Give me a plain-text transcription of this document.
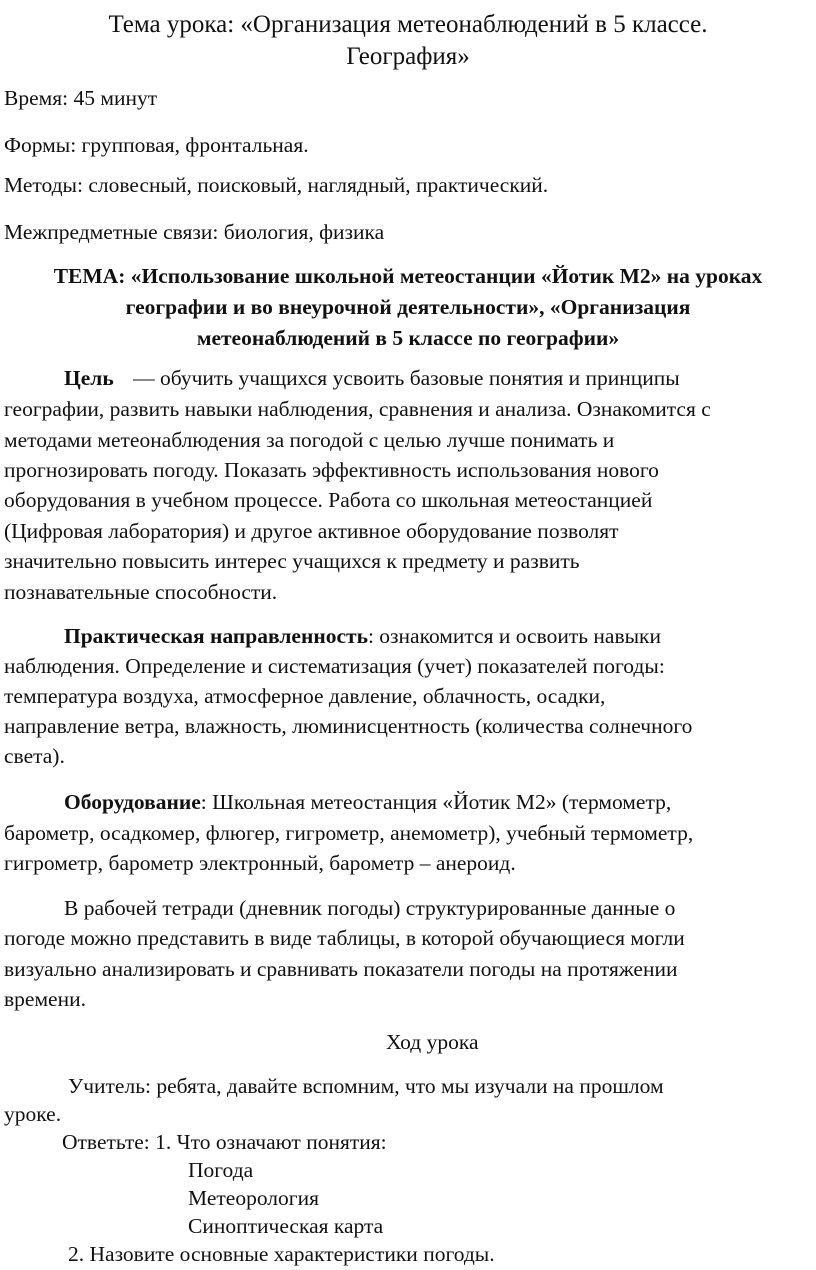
Тема урока: «Организация метеонаблюдений в 5 классе.
География»
Время: 45 минут
Формы: групповая, фронтальная.
Методы: словесный, поисковый, наглядный, практический.
Межпредметные связи: биология, физика
ТЕМА: «Использование школьной метеостанции «Йотик М2» на уроках
географии и во внеурочной деятельности», «Организация
метеонаблюдений в 5 классе по географии»
Цель — обучить учащихся усвоить базовые понятия и принципы
географии, развить навыки наблюдения, сравнения и анализа. Ознакомится с
методами метеонаблюдения за погодой с целью лучше понимать и
прогнозировать погоду. Показать эффективность использования нового
оборудования в учебном процессе. Работа со школьная метеостанцией
(Цифровая лаборатория) и другое активное оборудование позволят
значительно повысить интерес учащихся к предмету и развить
познавательные способности.
Практическая направленность: ознакомится и освоить навыки
наблюдения. Определение и систематизация (учет) показателей погоды:
температура воздуха, атмосферное давление, облачность, осадки,
направление ветра, влажность, люминисцентность (количества солнечного
света).
Оборудование: Школьная метеостанция «Йотик М2» (термометр,
барометр, осадкомер, флюгер, гигрометр, анемометр), учебный термометр,
гигрометр, барометр электронный, барометр – анероид.
В рабочей тетради (дневник погоды) структурированные данные о
погоде можно представить в виде таблицы, в которой обучающиеся могли
визуально анализировать и сравнивать показатели погоды на протяжении
времени.
Ход урока
Учитель: ребята, давайте вспомним, что мы изучали на прошлом
уроке.
Ответьте: 1. Что означают понятия:
Погода
Метеорология
Синоптическая карта
2. Назовите основные характеристики погоды.
